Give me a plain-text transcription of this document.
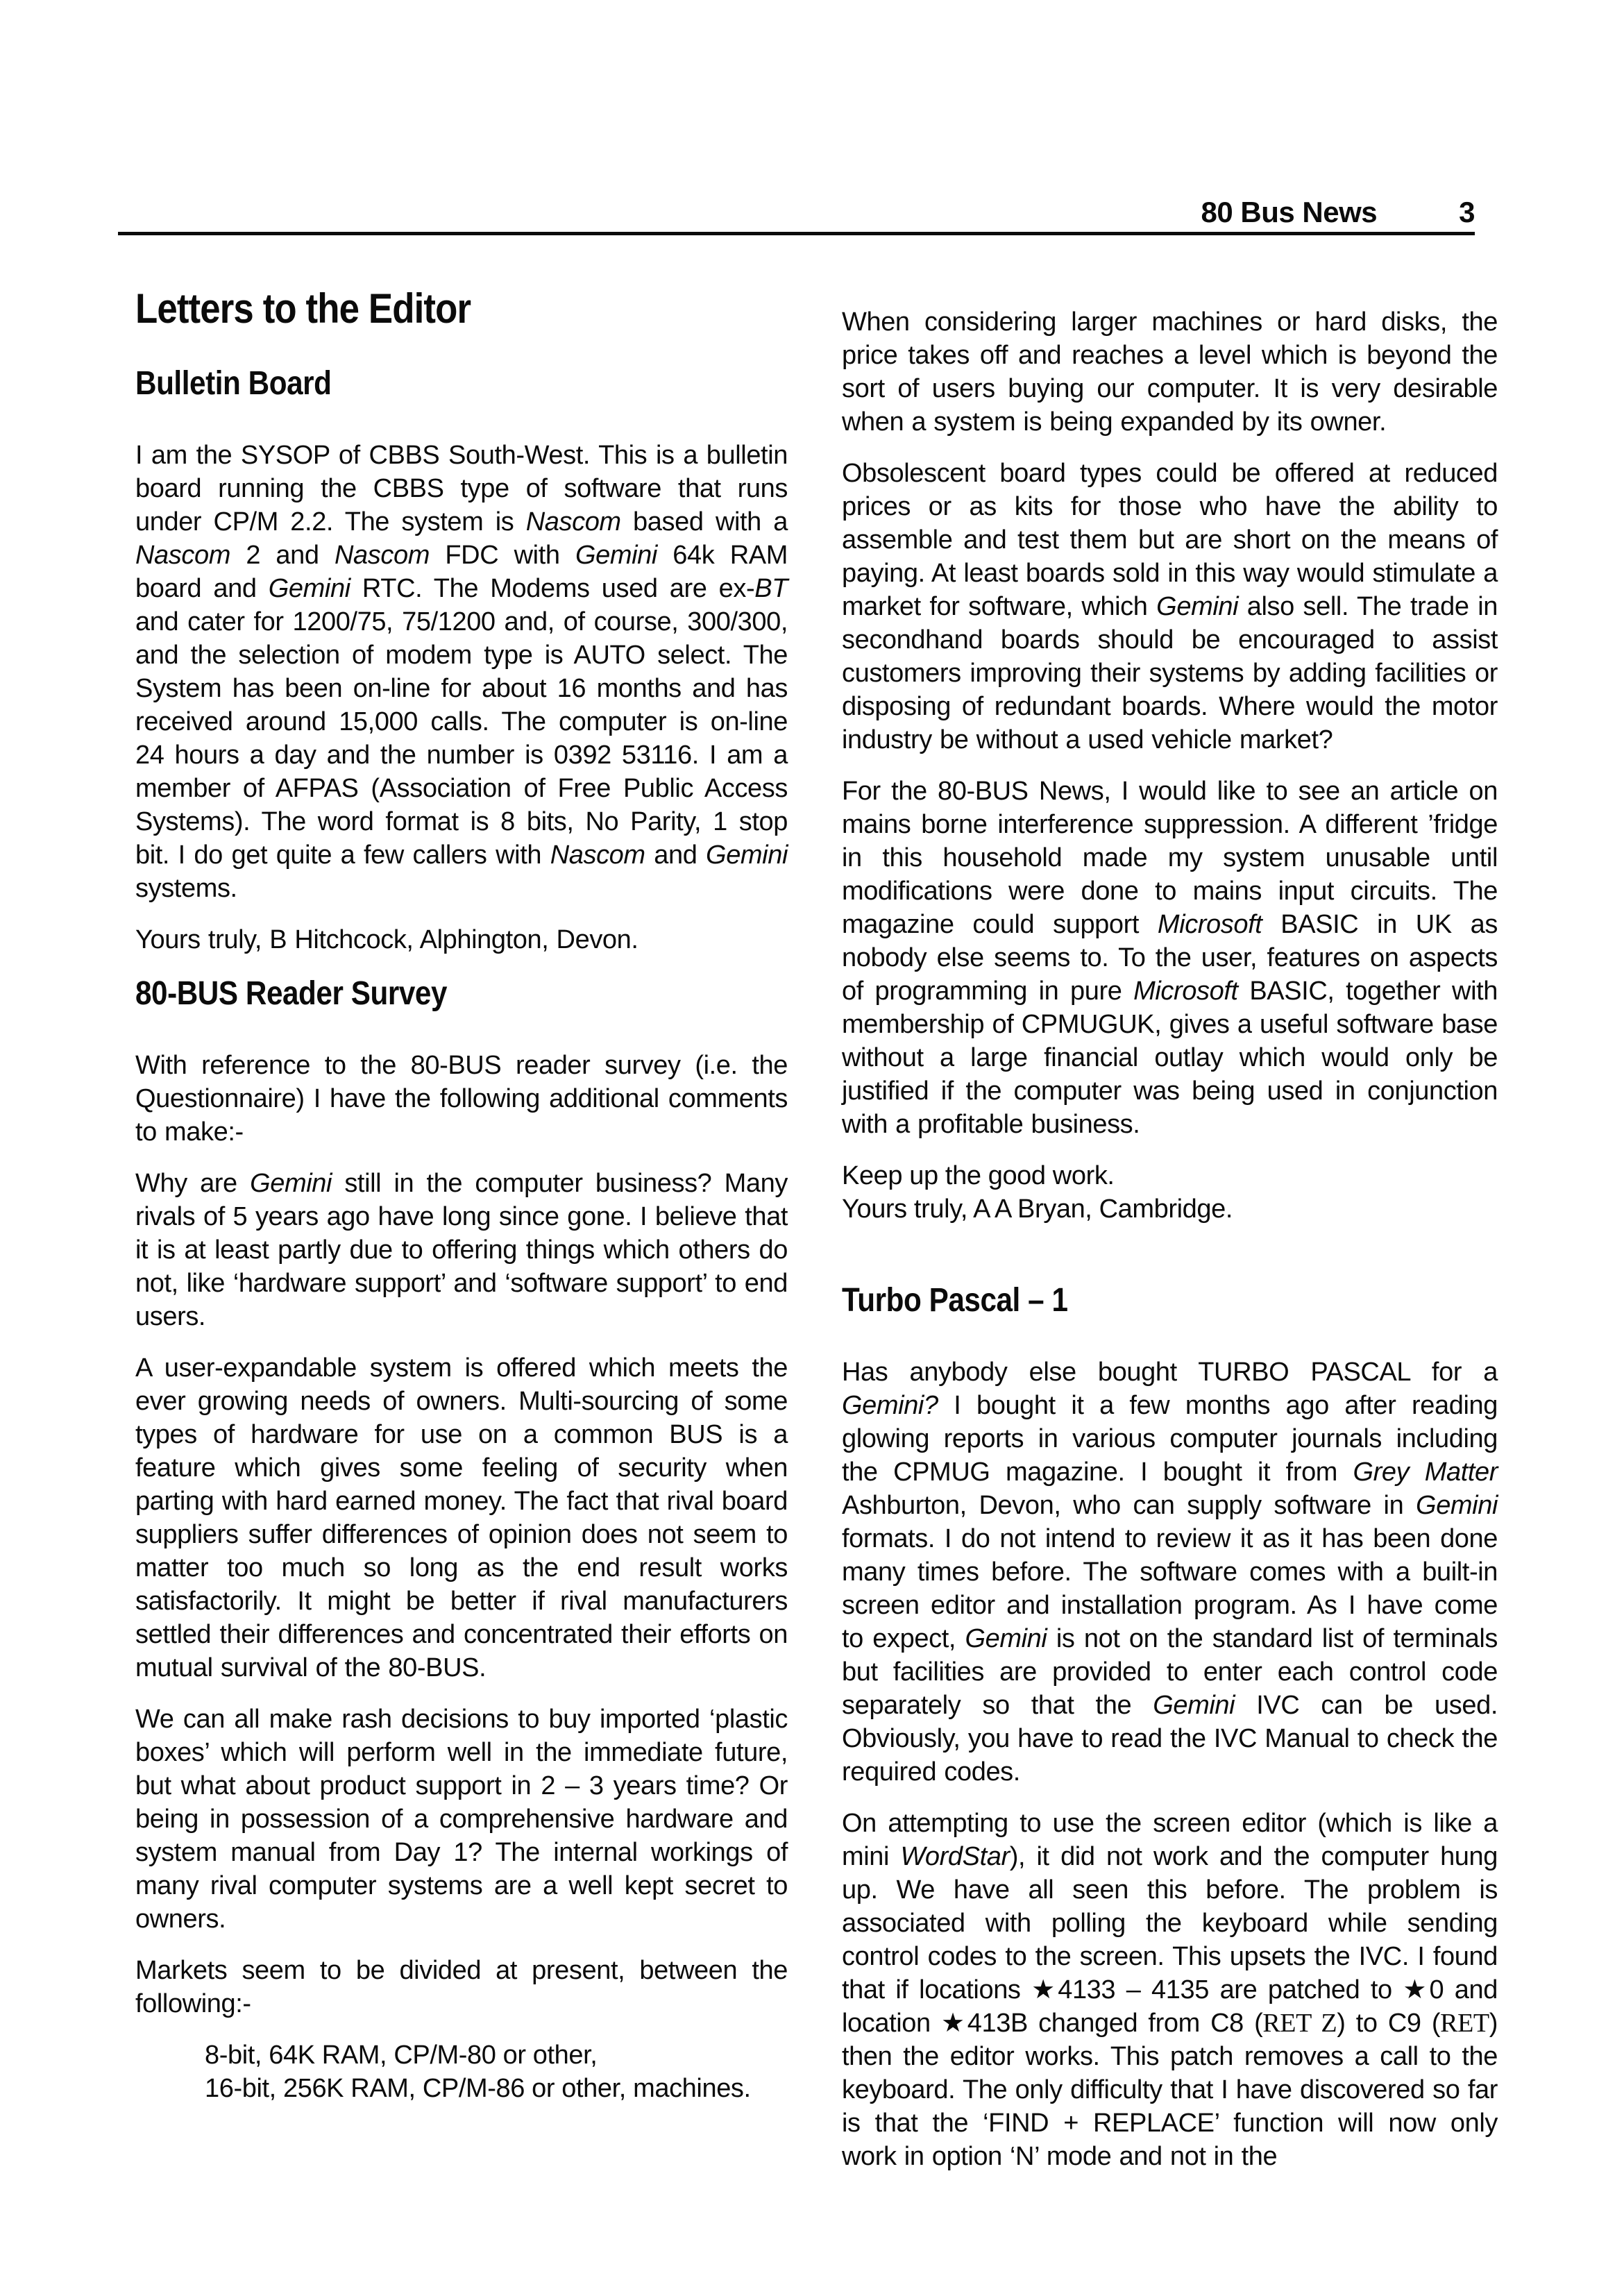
80 Bus News	3
Letters to the Editor
Bulletin Board

I am the SYSOP of CBBS South-West. This is a bulletin board running the CBBS type of software that runs under CP/M 2.2. The system is Nascom based with a Nascom 2 and Nascom FDC with Gemini 64k RAM board and Gemini RTC. The Modems used are ex-BT and cater for 1200/75, 75/1200 and, of course, 300/300, and the selection of modem type is AUTO select. The System has been on-line for about 16 months and has received around 15,000 calls. The computer is on-line 24 hours a day and the number is 0392 53116. I am a member of AFPAS (Association of Free Public Access Systems). The word format is 8 bits, No Parity, 1 stop bit. I do get quite a few callers with Nascom and Gemini systems.

Yours truly, B Hitchcock, Alphington, Devon.

80-BUS Reader Survey

With reference to the 80-BUS reader survey (i.e. the Questionnaire) I have the following additional comments to make:-

Why are Gemini still in the computer business? Many rivals of 5 years ago have long since gone. I believe that it is at least partly due to offering things which others do not, like ‘hardware support’ and ‘software support’ to end users.

A user-expandable system is offered which meets the ever growing needs of owners. Multi-sourcing of some types of hardware for use on a common BUS is a feature which gives some feeling of security when parting with hard earned money. The fact that rival board suppliers suffer differences of opinion does not seem to matter too much so long as the end result works satisfactorily. It might be better if rival manufacturers settled their differences and concentrated their efforts on mutual survival of the 80-BUS.

We can all make rash decisions to buy imported ‘plastic boxes’ which will perform well in the immediate future, but what about product support in 2 – 3 years time? Or being in possession of a comprehensive hardware and system manual from Day 1? The internal workings of many rival computer systems are a well kept secret to owners.

Markets seem to be divided at present, between the following:-

8-bit, 64K RAM, CP/M-80 or other,
16-bit, 256K RAM, CP/M-86 or other, machines.

When considering larger machines or hard disks, the price takes off and reaches a level which is beyond the sort of users buying our computer. It is very desirable when a system is being expanded by its owner.

Obsolescent board types could be offered at reduced prices or as kits for those who have the ability to assemble and test them but are short on the means of paying. At least boards sold in this way would stimulate a market for software, which Gemini also sell. The trade in secondhand boards should be encouraged to assist customers improving their systems by adding facilities or disposing of redundant boards. Where would the motor industry be without a used vehicle market?

For the 80-BUS News, I would like to see an article on mains borne interference suppression. A different ’fridge in this household made my system unusable until modifications were done to mains input circuits. The magazine could support Microsoft BASIC in UK as nobody else seems to. To the user, features on aspects of programming in pure Microsoft BASIC, together with membership of CPMUGUK, gives a useful software base without a large financial outlay which would only be justified if the computer was being used in conjunction with a profitable business.

Keep up the good work.
Yours truly, A A Bryan, Cambridge.
Turbo Pascal – 1

Has anybody else bought TURBO PASCAL for a Gemini? I bought it a few months ago after reading glowing reports in various computer journals including the CPMUG magazine. I bought it from Grey Matter Ashburton, Devon, who can supply software in Gemini formats. I do not intend to review it as it has been done many times before. The software comes with a built-in screen editor and installation program. As I have come to expect, Gemini is not on the standard list of terminals but facilities are provided to enter each control code separately so that the Gemini IVC can be used. Obviously, you have to read the IVC Manual to check the required codes.

On attempting to use the screen editor (which is like a mini WordStar), it did not work and the computer hung up. We have all seen this before. The problem is associated with polling the keyboard while sending control codes to the screen. This upsets the IVC. I found that if locations ★4133 – 4135 are patched to ★0 and location ★413B changed from C8 (RET Z) to C9 (RET) then the editor works. This patch removes a call to the keyboard. The only difficulty that I have discovered so far is that the ‘FIND + REPLACE’ function will now only work in option ‘N’ mode and not in the
